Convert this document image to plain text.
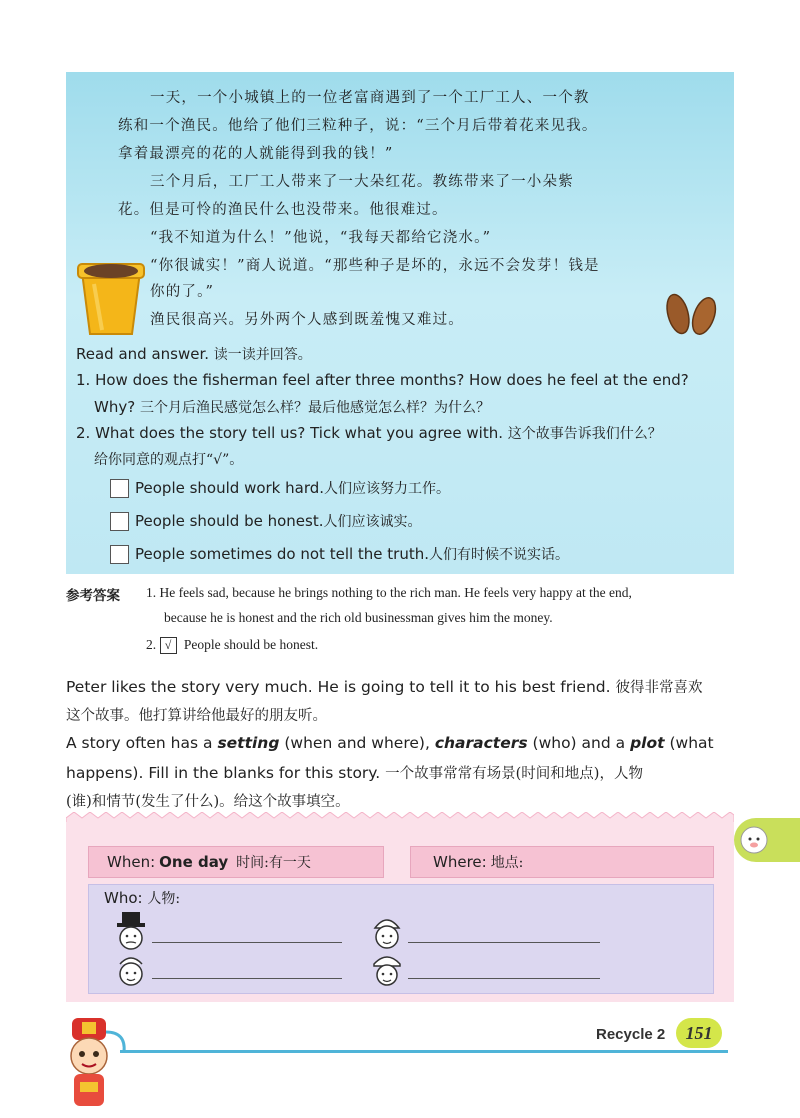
一天，一个小城镇上的一位老富商遇到了一个工厂工人、一个教
练和一个渔民。他给了他们三粒种子，说：“三个月后带着花来见我。
拿着最漂亮的花的人就能得到我的钱！”
三个月后，工厂工人带来了一大朵红花。教练带来了一小朵紫
花。但是可怜的渔民什么也没带来。他很难过。
“我不知道为什么！”他说，“我每天都给它浇水。”
“你很诚实！”商人说道。“那些种子是坏的，永远不会发芽！钱是
你的了。”
渔民很高兴。另外两个人感到既羞愧又难过。
Read and answer. 读一读并回答。
1. How does the fisherman feel after three months? How does he feel at the end?
Why? 三个月后渔民感觉怎么样？最后他感觉怎么样？为什么？
2. What does the story tell us? Tick what you agree with. 这个故事告诉我们什么？
给你同意的观点打“√”。
People should work hard. 人们应该努力工作。
People should be honest. 人们应该诚实。
People sometimes do not tell the truth. 人们有时候不说实话。
参考答案 1. He feels sad, because he brings nothing to the rich man. He feels very happy at the end,
because he is honest and the rich old businessman gives him the money.
2. √ People should be honest.
Peter likes the story very much. He is going to tell it to his best friend. 彼得非常喜欢
这个故事。他打算讲给他最好的朋友听。
A story often has a setting (when and where), characters (who) and a plot (what
happens). Fill in the blanks for this story. 一个故事常常有场景(时间和地点)，人物
(谁)和情节(发生了什么)。给这个故事填空。
When: One day 时间:有一天	Where: 地点:
Who: 人物:
Recycle 2	151
